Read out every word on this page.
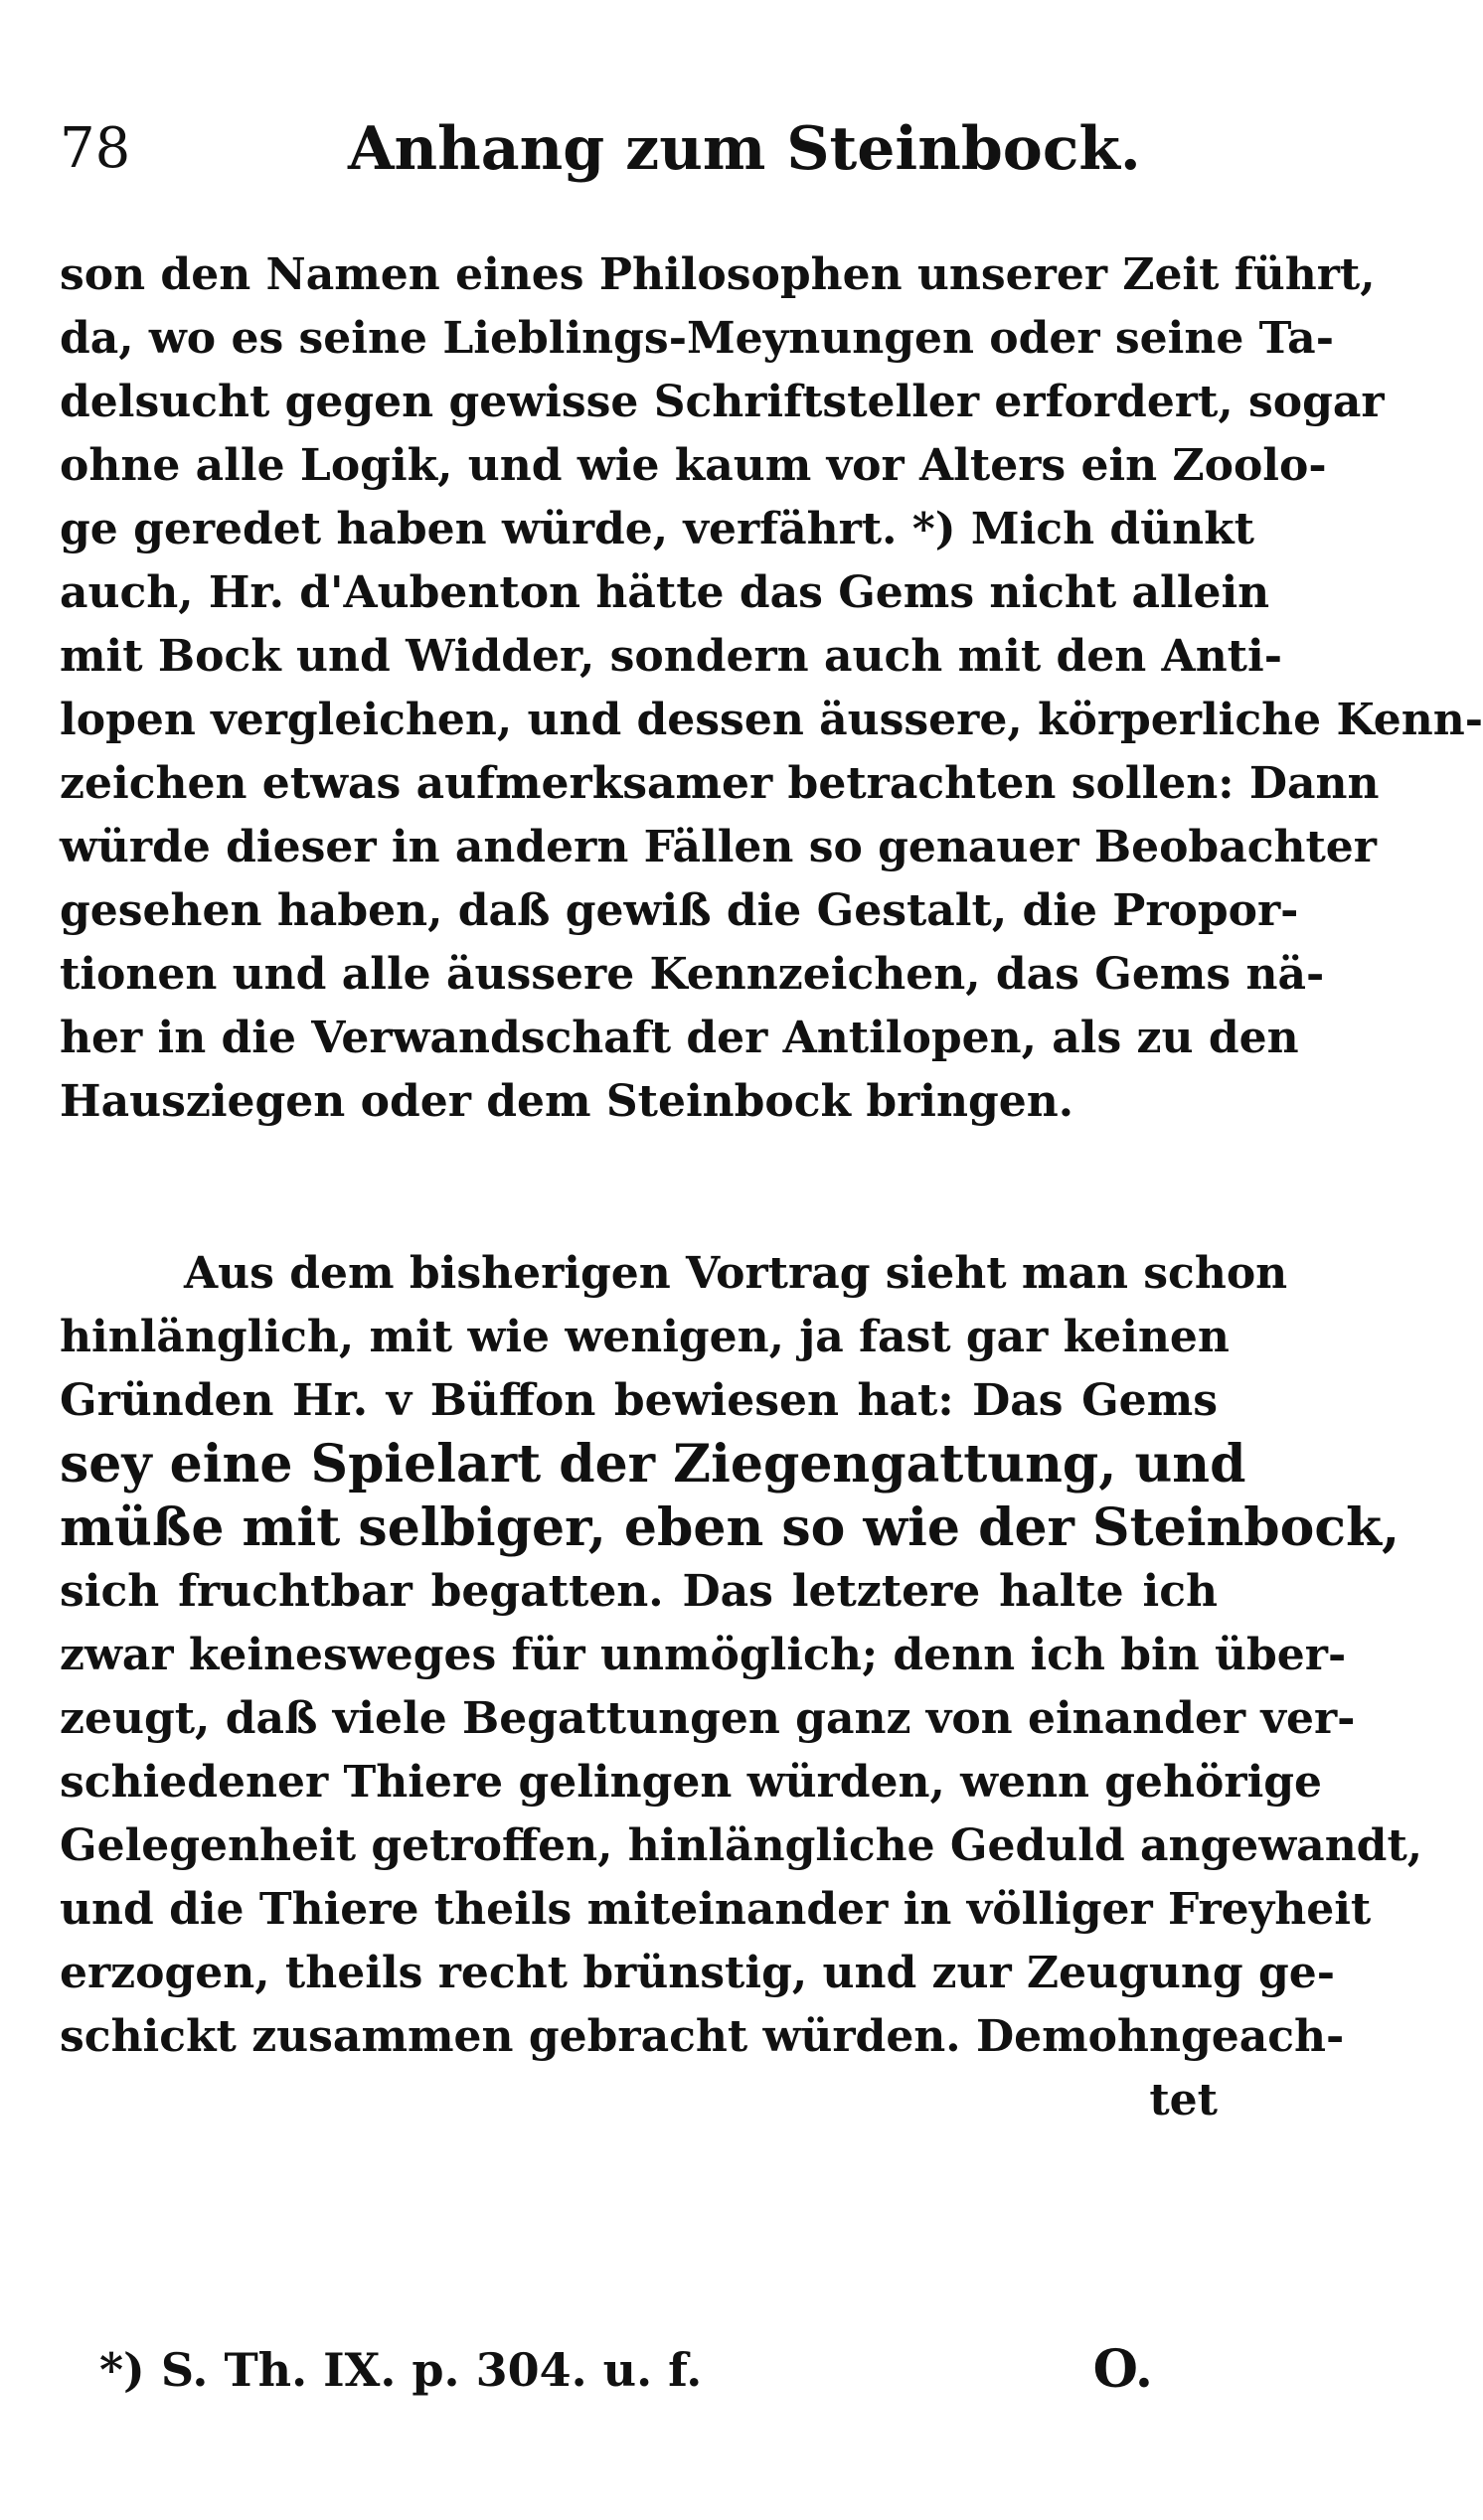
78	Anhang zum Steinbock.
son den Namen eines Philosophen unserer Zeit führt,
da, wo es seine Lieblings-Meynungen oder seine Ta-
delsucht gegen gewisse Schriftsteller erfordert, sogar
ohne alle Logik, und wie kaum vor Alters ein Zoolo-
ge geredet haben würde, verfährt. *) Mich dünkt
auch, Hr. d'Aubenton hätte das Gems nicht allein
mit Bock und Widder, sondern auch mit den Anti-
lopen vergleichen, und dessen äussere, körperliche Kenn-
zeichen etwas aufmerksamer betrachten sollen: Dann
würde dieser in andern Fällen so genauer Beobachter
gesehen haben, daß gewiß die Gestalt, die Propor-
tionen und alle äussere Kennzeichen, das Gems nä-
her in die Verwandschaft der Antilopen, als zu den
Hausziegen oder dem Steinbock bringen.
Aus dem bisherigen Vortrag sieht man schon
hinlänglich, mit wie wenigen, ja fast gar keinen
Gründen Hr. v Büffon bewiesen hat: Das Gems
sey eine Spielart der Ziegengattung, und
müße mit selbiger, eben so wie der Steinbock,
sich fruchtbar begatten. Das letztere halte ich
zwar keinesweges für unmöglich; denn ich bin über-
zeugt, daß viele Begattungen ganz von einander ver-
schiedener Thiere gelingen würden, wenn gehörige
Gelegenheit getroffen, hinlängliche Geduld angewandt,
und die Thiere theils miteinander in völliger Freyheit
erzogen, theils recht brünstig, und zur Zeugung ge-
schickt zusammen gebracht würden. Demohngeach-
tet
*) S. Th. IX. p. 304. u. f.	O.
